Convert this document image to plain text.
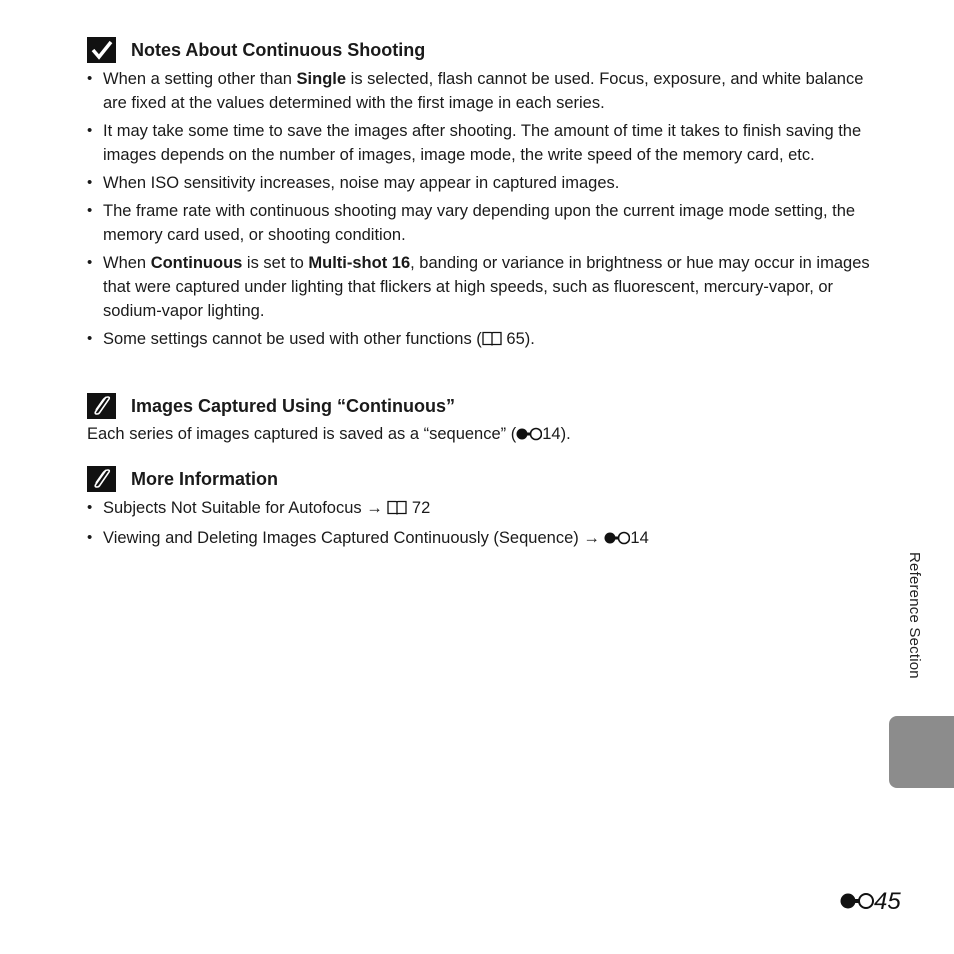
Notes About Continuous Shooting
• When a setting other than Single is selected, flash cannot be used. Focus, exposure, and white balance are fixed at the values determined with the first image in each series.
• It may take some time to save the images after shooting. The amount of time it takes to finish saving the images depends on the number of images, image mode, the write speed of the memory card, etc.
• When ISO sensitivity increases, noise may appear in captured images.
• The frame rate with continuous shooting may vary depending upon the current image mode setting, the memory card used, or shooting condition.
• When Continuous is set to Multi-shot 16, banding or variance in brightness or hue may occur in images that were captured under lighting that flickers at high speeds, such as fluorescent, mercury-vapor, or sodium-vapor lighting.
• Some settings cannot be used with other functions ( 65).
Images Captured Using “Continuous”

Each series of images captured is saved as a “sequence” ( 14).

More Information
• Subjects Not Suitable for Autofocus →  72
• Viewing and Deleting Images Captured Continuously (Sequence) → 14
Reference Section
45
